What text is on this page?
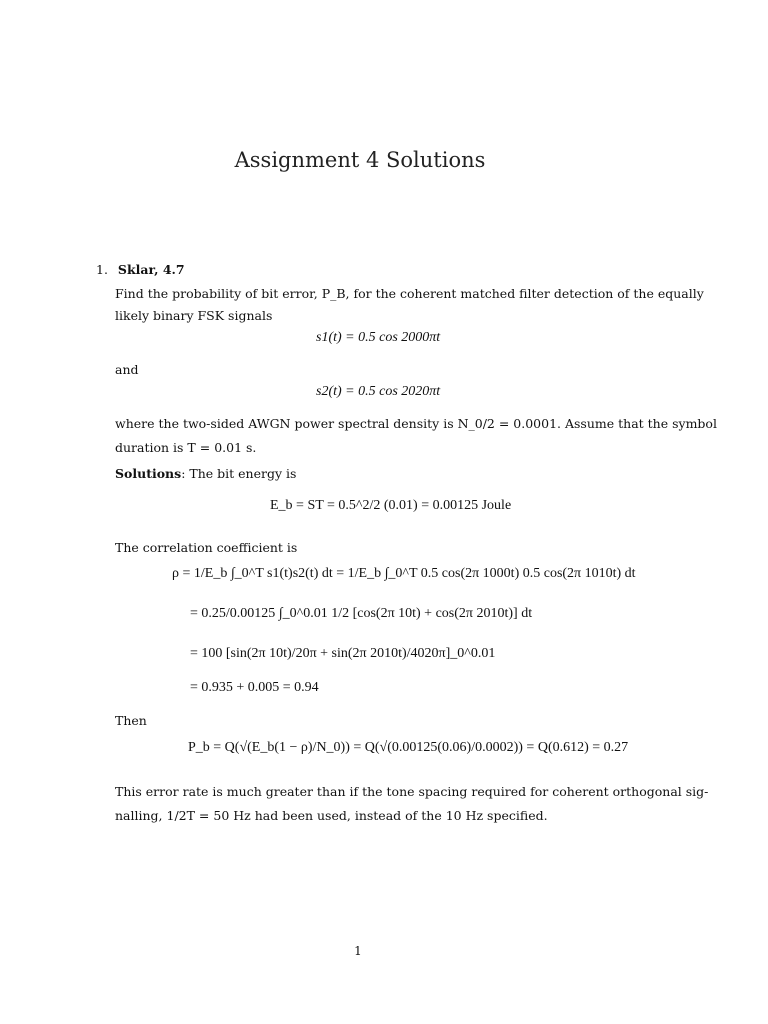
Assignment 4 Solutions
1. Sklar, 4.7
Find the probability of bit error, P_B, for the coherent matched filter detection of the equally
likely binary FSK signals
s1(t) = 0.5 cos 2000πt
and
s2(t) = 0.5 cos 2020πt
where the two-sided AWGN power spectral density is N_0/2 = 0.0001. Assume that the symbol
duration is T = 0.01 s.
Solutions: The bit energy is
E_b = ST = 0.5^2/2 (0.01) = 0.00125 Joule
The correlation coefficient is
ρ = 1/E_b ∫_0^T s1(t)s2(t) dt = 1/E_b ∫_0^T 0.5 cos(2π 1000t) 0.5 cos(2π 1010t) dt
= 0.25/0.00125 ∫_0^0.01 1/2 [cos(2π 10t) + cos(2π 2010t)] dt
= 100 [sin(2π 10t)/20π + sin(2π 2010t)/4020π]_0^0.01
= 0.935 + 0.005 = 0.94
Then
P_b = Q(√(E_b(1 − ρ)/N_0)) = Q(√(0.00125(0.06)/0.0002)) = Q(0.612) = 0.27
This error rate is much greater than if the tone spacing required for coherent orthogonal sig-
nalling, 1/2T = 50 Hz had been used, instead of the 10 Hz specified.
1
